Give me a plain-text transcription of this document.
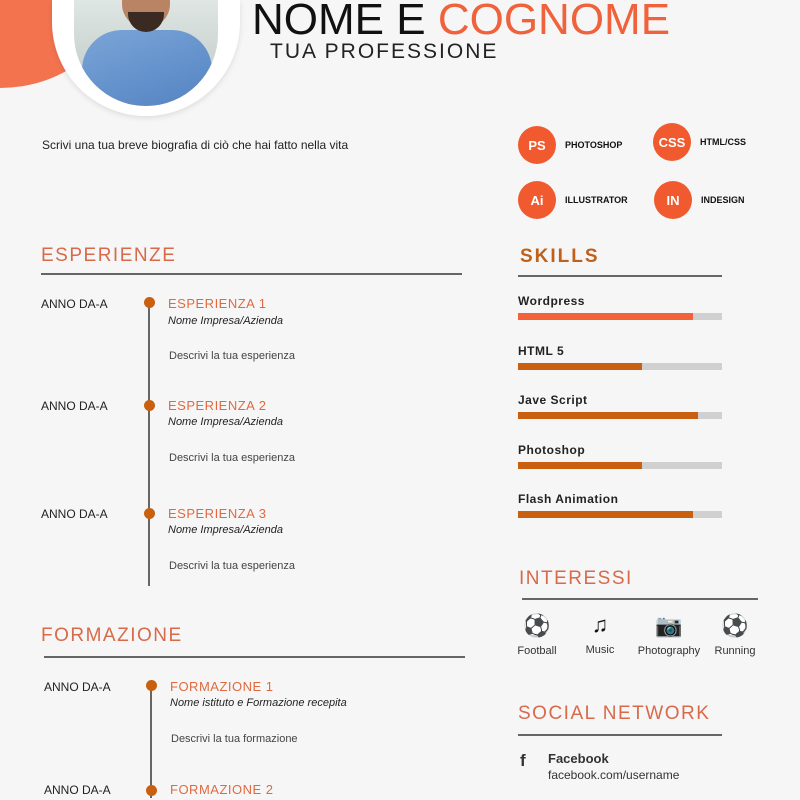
NOME E COGNOME
TUA PROFESSIONE
Scrivi una tua breve biografia di ciò che hai fatto nella vita	PS	PHOTOSHOP	CSS	HTML/CSS
Ai	ILLUSTRATOR	IN	INDESIGN
ESPERIENZE
ANNO DA-A	ESPERIENZA 1
Nome Impresa/Azienda
Descrivi la tua esperienza
ANNO DA-A	ESPERIENZA 2
Nome Impresa/Azienda
Descrivi la tua esperienza
ANNO DA-A	ESPERIENZA 3
Nome Impresa/Azienda
Descrivi la tua esperienza
FORMAZIONE
ANNO DA-A	FORMAZIONE 1
Nome istituto e Formazione recepita
Descrivi la tua formazione
ANNO DA-A	FORMAZIONE 2
SKILLS
Wordpress
HTML 5
Jave Script
Photoshop
Flash Animation
INTERESSI
⚽
Football
♫
Music
📷
Photography
⚽
Running
SOCIAL NETWORK
f Facebook
facebook.com/username
